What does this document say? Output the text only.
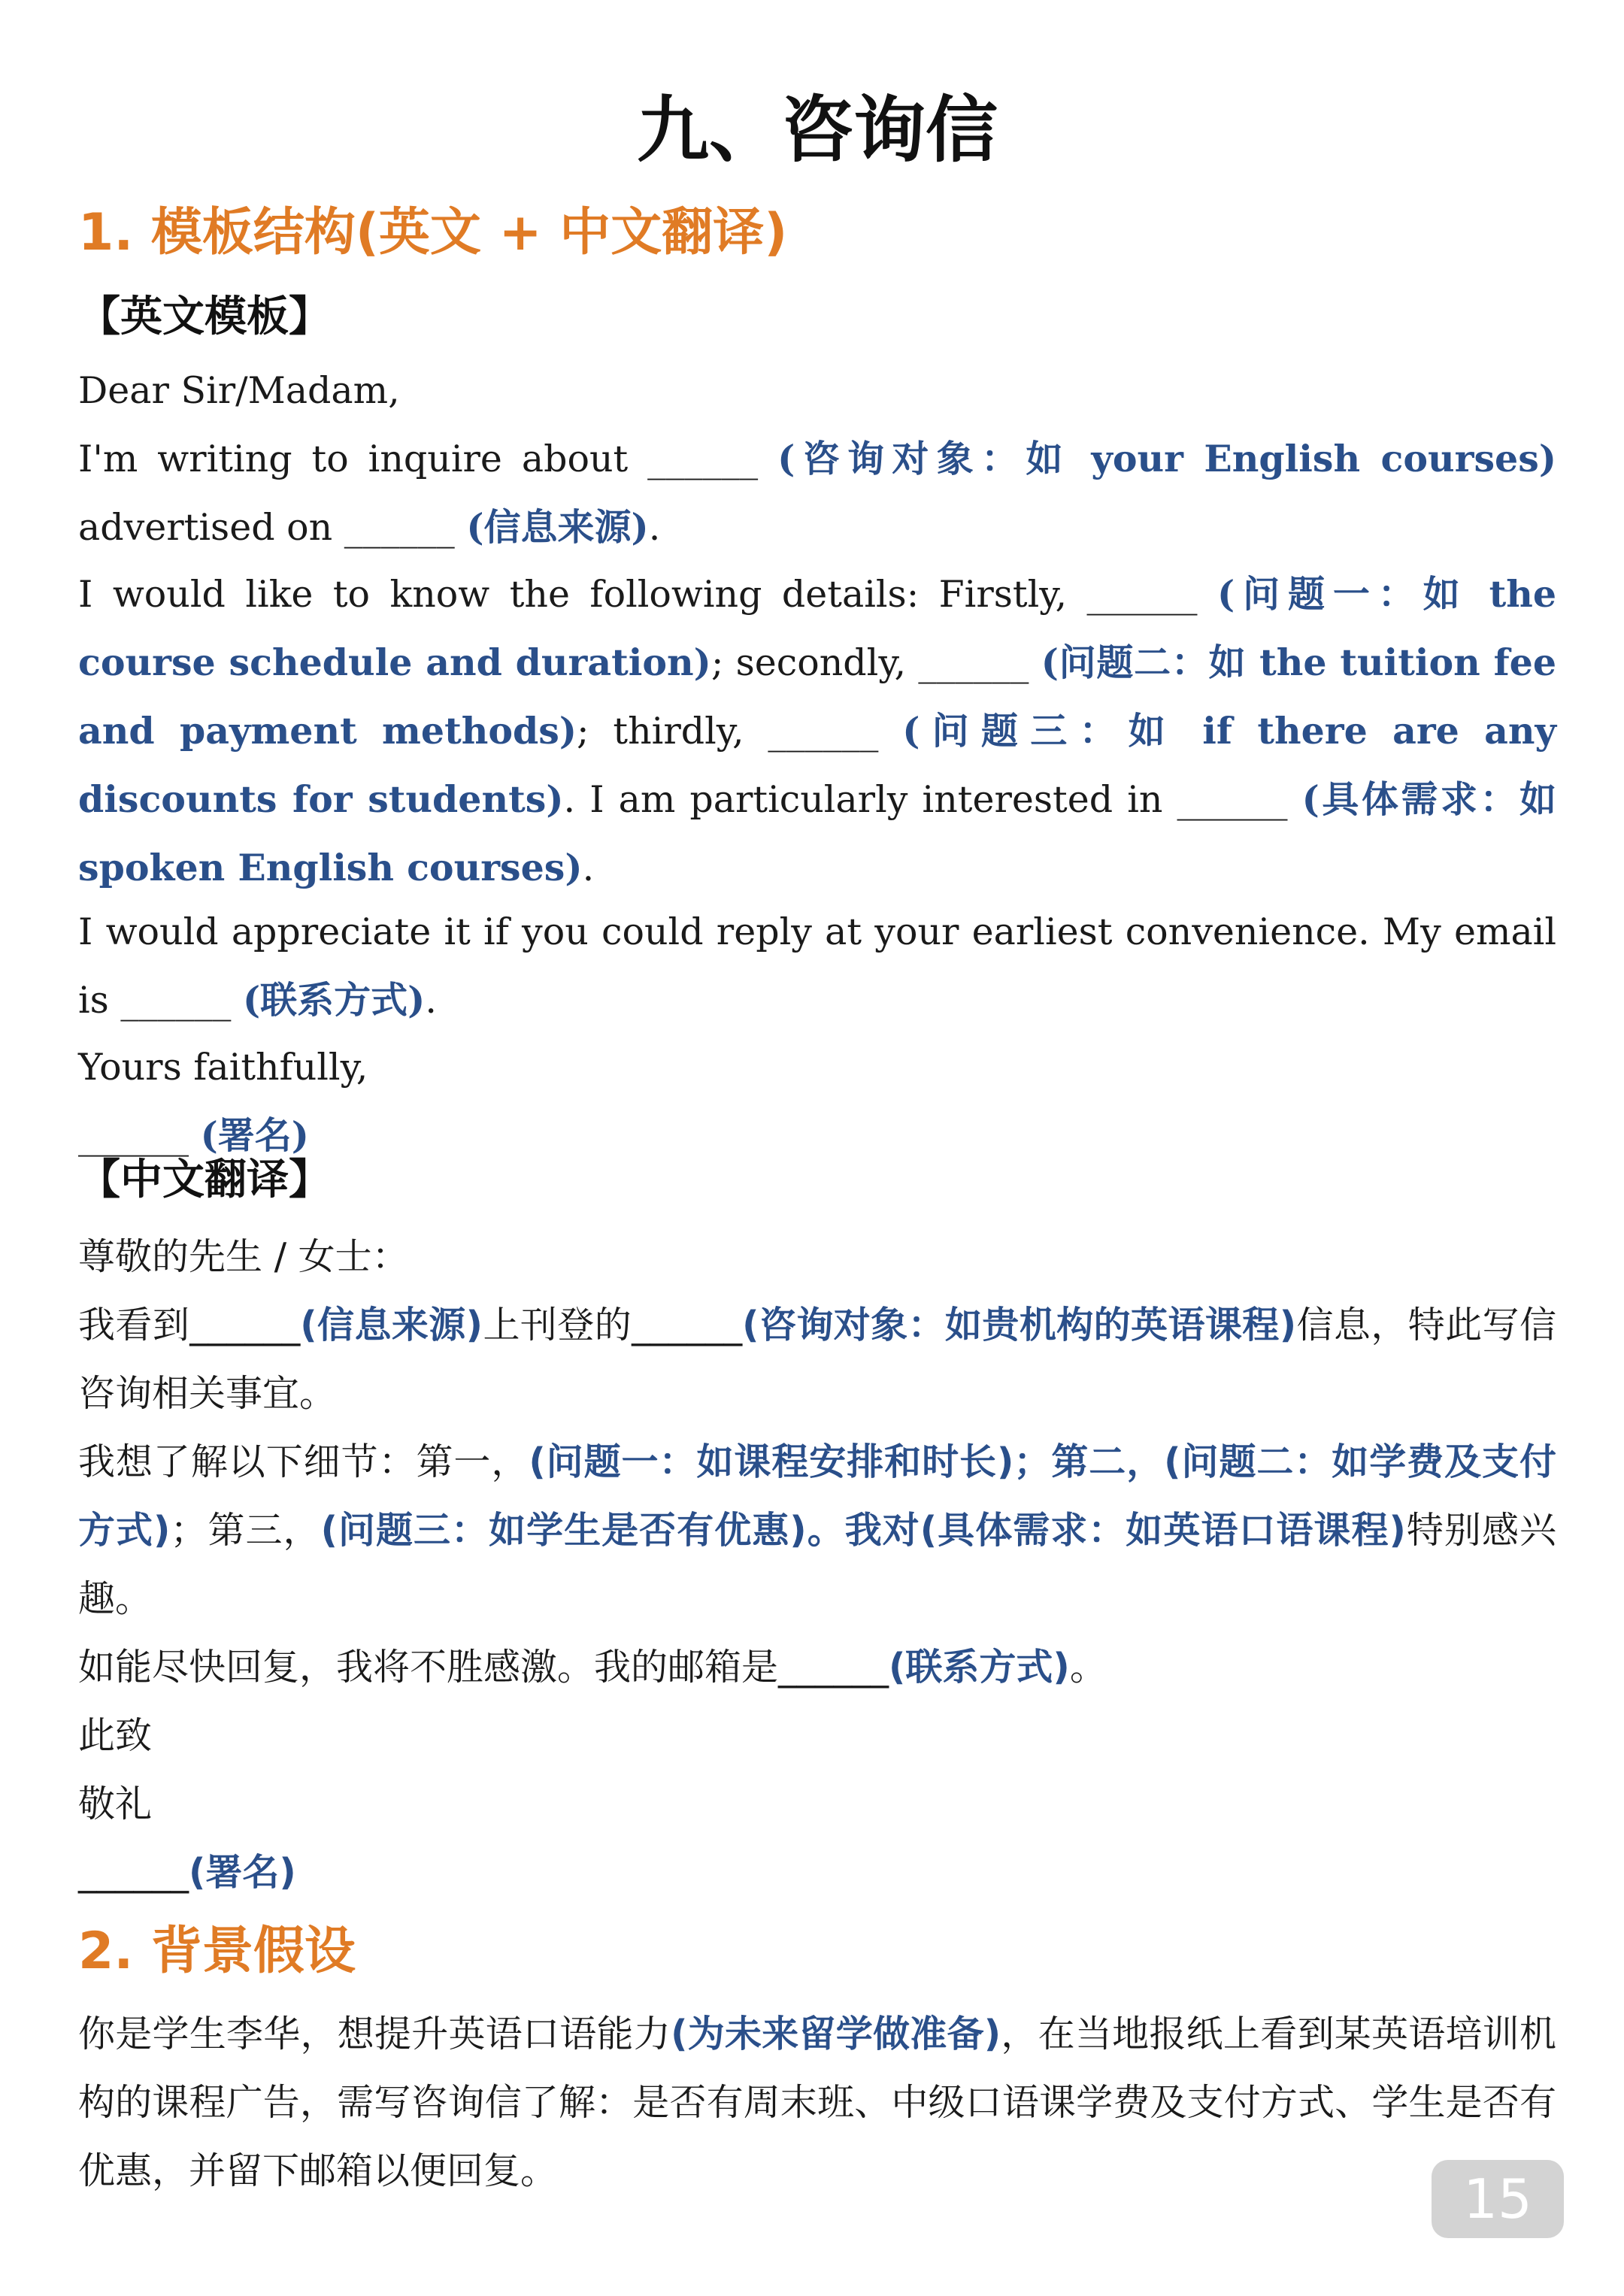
九、咨询信
1. 模板结构(英文 + 中文翻译)
【英文模板】
Dear Sir/Madam,
I'm writing to inquire about ______ (咨询对象：如 your English courses) advertised on ______ (信息来源).
I would like to know the following details: Firstly, ______ (问题一：如 the course schedule and duration); secondly, ______ (问题二：如 the tuition fee and payment methods); thirdly, ______ (问题三：如 if there are any discounts for students). I am particularly interested in ______ (具体需求：如 spoken English courses).
I would appreciate it if you could reply at your earliest convenience. My email is ______ (联系方式).
Yours faithfully,
______ (署名)
【中文翻译】
尊敬的先生 / 女士：
我看到______(信息来源)上刊登的______(咨询对象：如贵机构的英语课程)信息，特此写信咨询相关事宜。
我想了解以下细节：第一，(问题一：如课程安排和时长)；第二，(问题二：如学费及支付方式)；第三，(问题三：如学生是否有优惠)。我对(具体需求：如英语口语课程)特别感兴趣。
如能尽快回复，我将不胜感激。我的邮箱是______(联系方式)。
此致
敬礼
______(署名)
2. 背景假设
你是学生李华，想提升英语口语能力(为未来留学做准备)，在当地报纸上看到某英语培训机构的课程广告，需写咨询信了解：是否有周末班、中级口语课学费及支付方式、学生是否有优惠，并留下邮箱以便回复。	15
